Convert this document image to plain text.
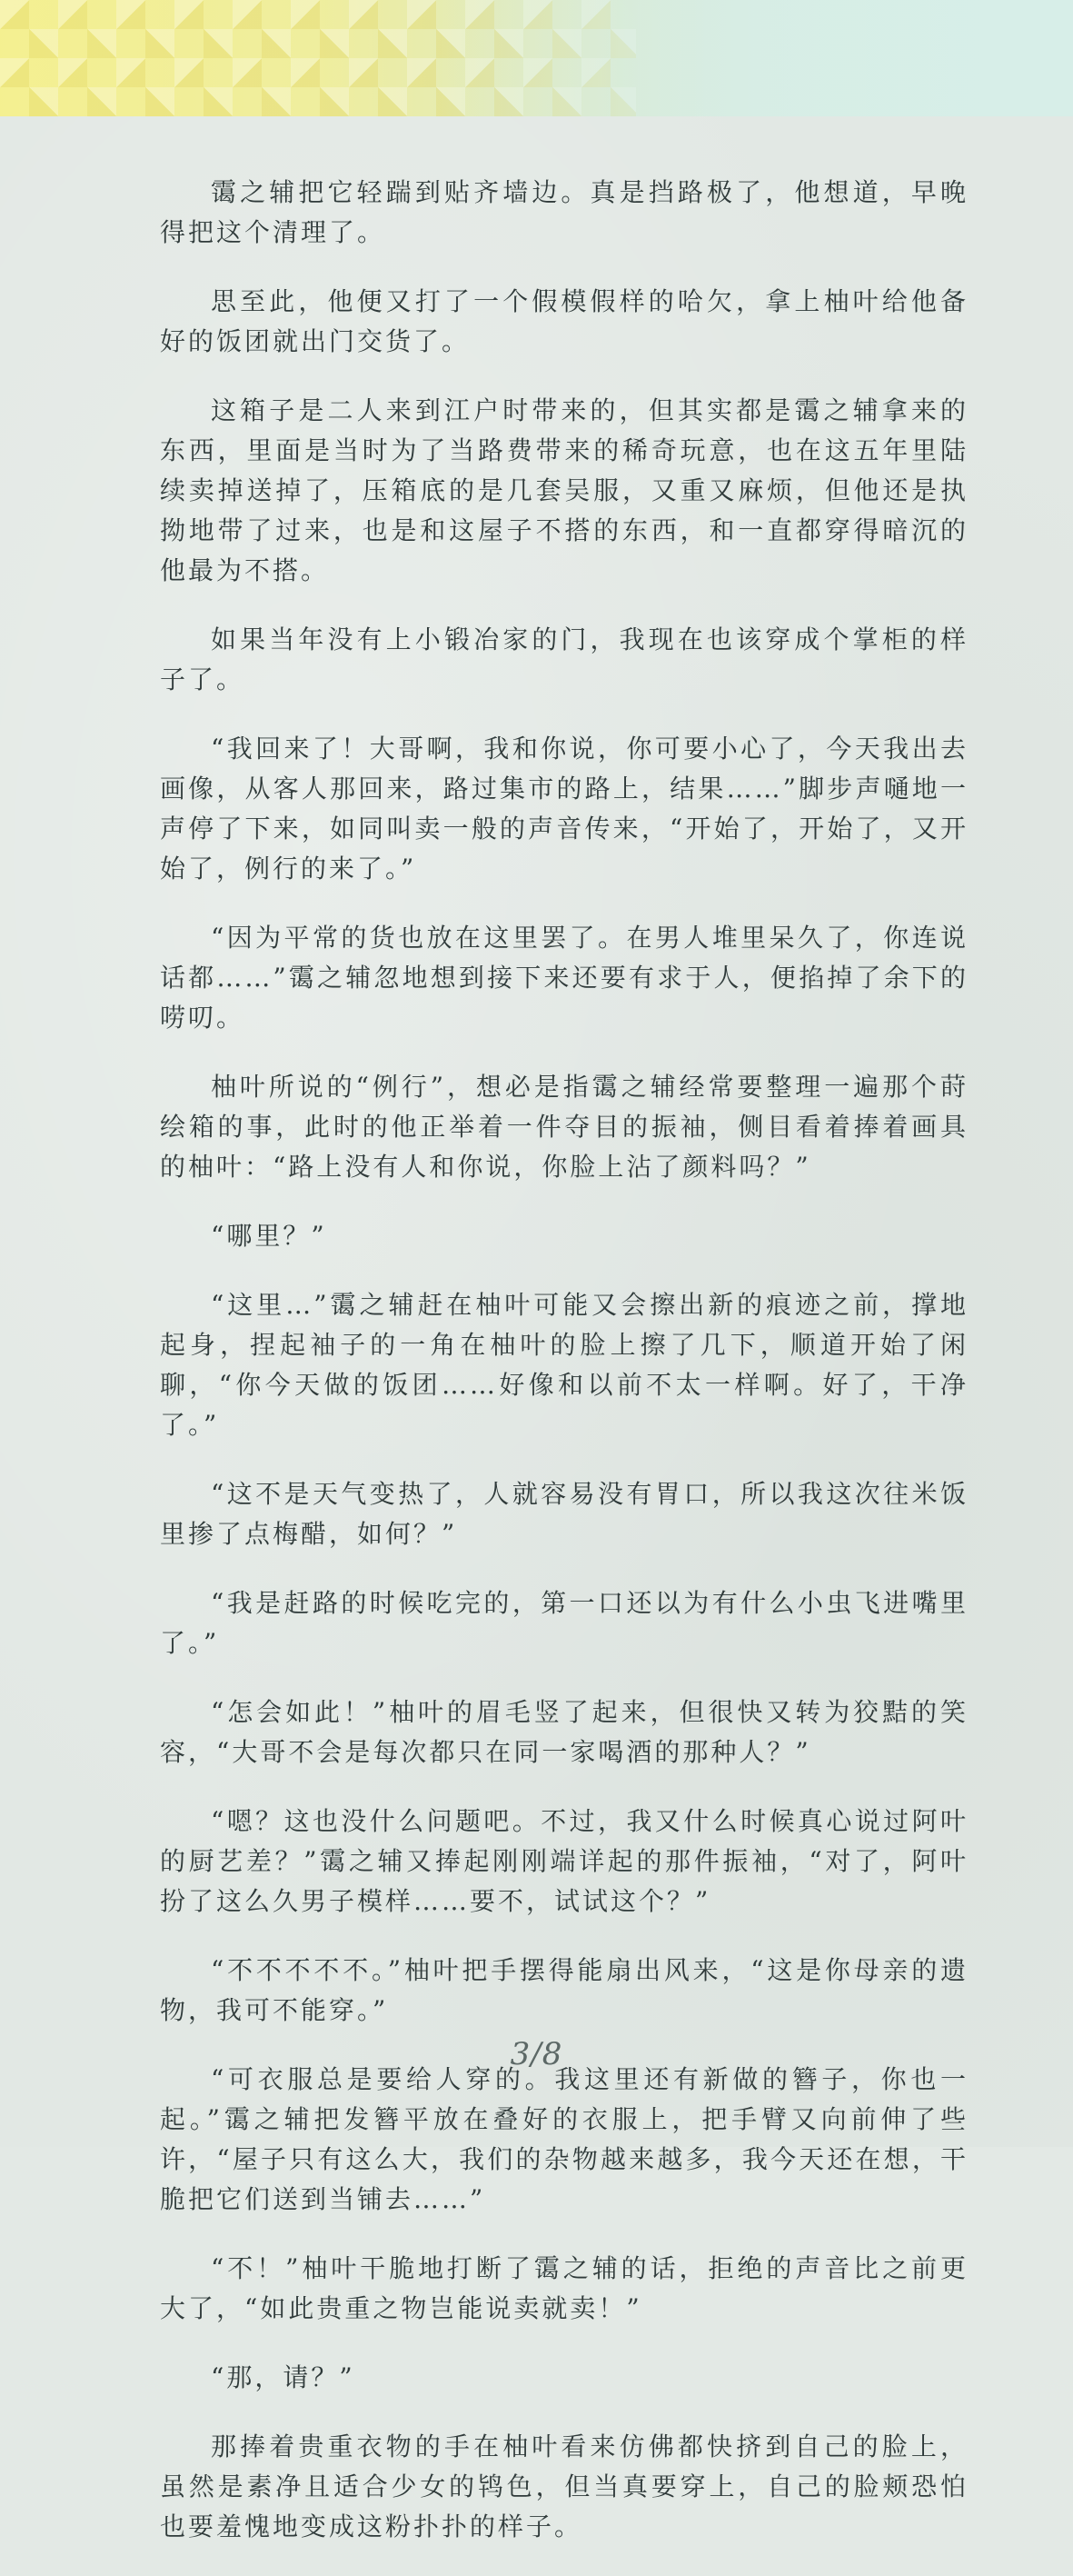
霭之辅把它轻踹到贴齐墙边。真是挡路极了，他想道，早晚得把这个清理了。

思至此，他便又打了一个假模假样的哈欠，拿上柚叶给他备好的饭团就出门交货了。

这箱子是二人来到江户时带来的，但其实都是霭之辅拿来的东西，里面是当时为了当路费带来的稀奇玩意，也在这五年里陆续卖掉送掉了，压箱底的是几套吴服，又重又麻烦，但他还是执拗地带了过来，也是和这屋子不搭的东西，和一直都穿得暗沉的他最为不搭。

如果当年没有上小锻冶家的门，我现在也该穿成个掌柜的样子了。

“我回来了！大哥啊，我和你说，你可要小心了，今天我出去画像，从客人那回来，路过集市的路上，结果……”脚步声嗵地一声停了下来，如同叫卖一般的声音传来，“开始了，开始了，又开始了，例行的来了。”

“因为平常的货也放在这里罢了。在男人堆里呆久了，你连说话都……”霭之辅忽地想到接下来还要有求于人，便掐掉了余下的唠叨。

柚叶所说的“例行”，想必是指霭之辅经常要整理一遍那个莳绘箱的事，此时的他正举着一件夺目的振袖，侧目看着捧着画具的柚叶：“路上没有人和你说，你脸上沾了颜料吗？”

“哪里？”

“这里…”霭之辅赶在柚叶可能又会擦出新的痕迹之前，撑地起身，捏起袖子的一角在柚叶的脸上擦了几下，顺道开始了闲聊，“你今天做的饭团……好像和以前不太一样啊。好了，干净了。”

“这不是天气变热了，人就容易没有胃口，所以我这次往米饭里掺了点梅醋，如何？”

“我是赶路的时候吃完的，第一口还以为有什么小虫飞进嘴里了。”

“怎会如此！”柚叶的眉毛竖了起来，但很快又转为狡黠的笑容，“大哥不会是每次都只在同一家喝酒的那种人？”

“嗯？这也没什么问题吧。不过，我又什么时候真心说过阿叶的厨艺差？”霭之辅又捧起刚刚端详起的那件振袖，“对了，阿叶扮了这么久男子模样……要不，试试这个？”

“不不不不不。”柚叶把手摆得能扇出风来，“这是你母亲的遗物，我可不能穿。”

“可衣服总是要给人穿的。我这里还有新做的簪子，你也一起。”霭之辅把发簪平放在叠好的衣服上，把手臂又向前伸了些许，“屋子只有这么大，我们的杂物越来越多，我今天还在想，干脆把它们送到当铺去……”

“不！”柚叶干脆地打断了霭之辅的话，拒绝的声音比之前更大了，“如此贵重之物岂能说卖就卖！”

“那，请？”

那捧着贵重衣物的手在柚叶看来仿佛都快挤到自己的脸上，虽然是素净且适合少女的鸨色，但当真要穿上，自己的脸颊恐怕也要羞愧地变成这粉扑扑的样子。

3/8
